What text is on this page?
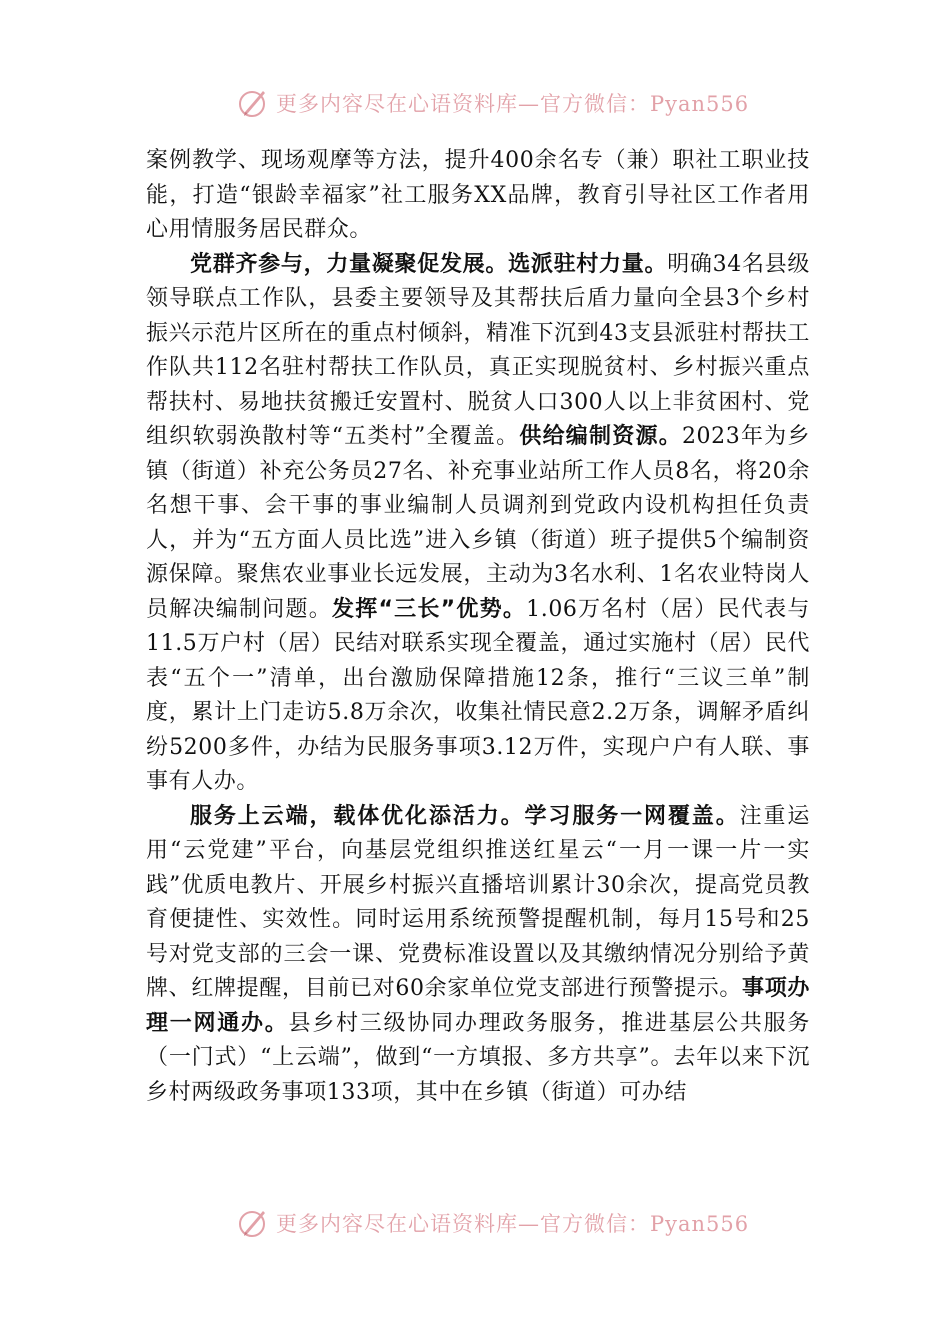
更多内容尽在心语资料库—官方微信：Pyan556

案例教学、现场观摩等方法，提升400余名专（兼）职社工职业技能，打造“银龄幸福家”社工服务XX品牌，教育引导社区工作者用心用情服务居民群众。

党群齐参与，力量凝聚促发展。选派驻村力量。明确34名县级领导联点工作队，县委主要领导及其帮扶后盾力量向全县3个乡村振兴示范片区所在的重点村倾斜，精准下沉到43支县派驻村帮扶工作队共112名驻村帮扶工作队员，真正实现脱贫村、乡村振兴重点帮扶村、易地扶贫搬迁安置村、脱贫人口300人以上非贫困村、党组织软弱涣散村等“五类村”全覆盖。供给编制资源。2023年为乡镇（街道）补充公务员27名、补充事业站所工作人员8名，将20余名想干事、会干事的事业编制人员调剂到党政内设机构担任负责人，并为“五方面人员比选”进入乡镇（街道）班子提供5个编制资源保障。聚焦农业事业长远发展，主动为3名水利、1名农业特岗人员解决编制问题。发挥“三长”优势。1.06万名村（居）民代表与11.5万户村（居）民结对联系实现全覆盖，通过实施村（居）民代表“五个一”清单，出台激励保障措施12条，推行“三议三单”制度，累计上门走访5.8万余次，收集社情民意2.2万条，调解矛盾纠纷5200多件，办结为民服务事项3.12万件，实现户户有人联、事事有人办。

服务上云端，载体优化添活力。学习服务一网覆盖。注重运用“云党建”平台，向基层党组织推送红星云“一月一课一片一实践”优质电教片、开展乡村振兴直播培训累计30余次，提高党员教育便捷性、实效性。同时运用系统预警提醒机制，每月15号和25号对党支部的三会一课、党费标准设置以及其缴纳情况分别给予黄牌、红牌提醒，目前已对60余家单位党支部进行预警提示。事项办理一网通办。县乡村三级协同办理政务服务，推进基层公共服务（一门式）“上云端”，做到“一方填报、多方共享”。去年以来下沉乡村两级政务事项133项，其中在乡镇（街道）可办结

更多内容尽在心语资料库—官方微信：Pyan556
